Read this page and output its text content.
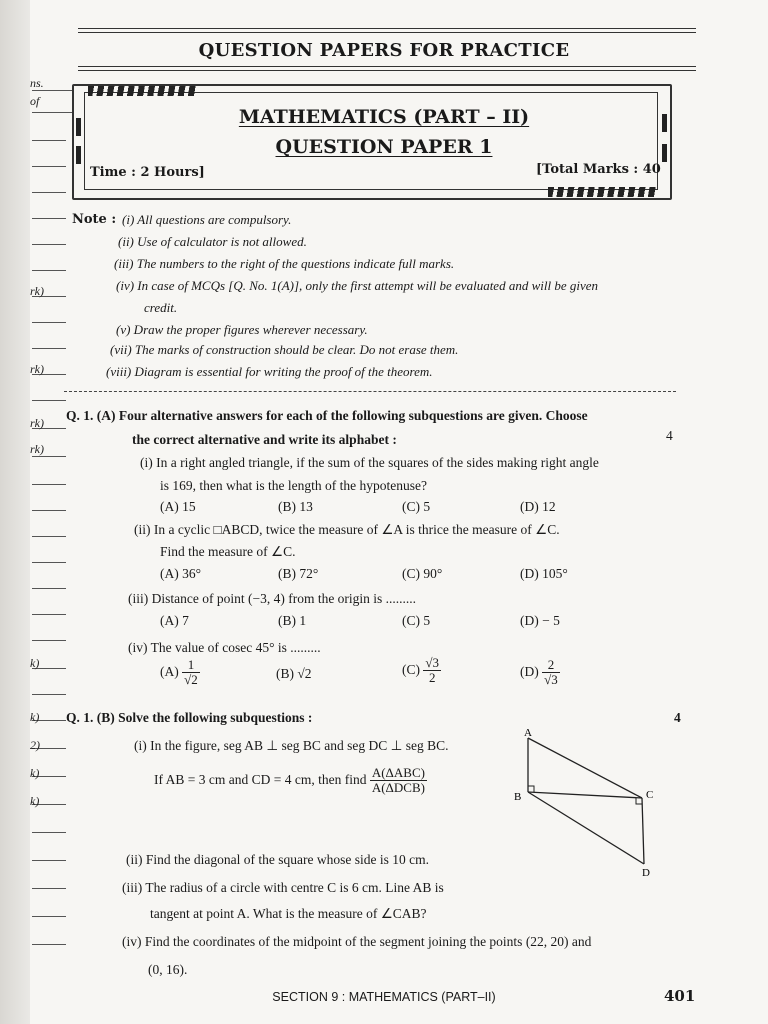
ns.
of
rk)
rk)
rk)
rk)
k)
k)
2)
k)
k)
QUESTION PAPERS FOR PRACTICE
MATHEMATICS (PART – II)
QUESTION PAPER 1
Time : 2 Hours]	[Total Marks : 40
Note : (i) All questions are compulsory.
(ii) Use of calculator is not allowed.
(iii) The numbers to the right of the questions indicate full marks.
(iv) In case of MCQs [Q. No. 1(A)], only the first attempt will be evaluated and will be given
credit.
(v) Draw the proper figures wherever necessary.
(vii) The marks of construction should be clear. Do not erase them.
(viii) Diagram is essential for writing the proof of the theorem.
Q. 1. (A) Four alternative answers for each of the following subquestions are given. Choose
the correct alternative and write its alphabet :	4
(i) In a right angled triangle, if the sum of the squares of the sides making right angle
is 169, then what is the length of the hypotenuse?
(A) 15	(B) 13	(C) 5	(D) 12
(ii) In a cyclic □ABCD, twice the measure of ∠A is thrice the measure of ∠C.
Find the measure of ∠C.
(A) 36°	(B) 72°	(C) 90°	(D) 105°
(iii) Distance of point (−3, 4) from the origin is .........
(A) 7	(B) 1	(C) 5	(D) − 5
(iv) The value of cosec 45° is .........
$(A) \frac{1}{√2}$	(B) √2	$(C) \frac{√3}{2}$	$(D) \frac{2}{√3}$
Q. 1. (B) Solve the following subquestions :	4
(i) In the figure, seg AB ⊥ seg BC and seg DC ⊥ seg BC.
If AB = 3 cm and CD = 4 cm, then find $\frac{\text{A(ΔABC)}}{\text{A(ΔDCB)}}$
A
B	C
D
(ii) Find the diagonal of the square whose side is 10 cm.
(iii) The radius of a circle with centre C is 6 cm. Line AB is
tangent at point A. What is the measure of ∠CAB?
(iv) Find the coordinates of the midpoint of the segment joining the points (22, 20) and
(0, 16).
SECTION 9 : MATHEMATICS (PART–II)	401
